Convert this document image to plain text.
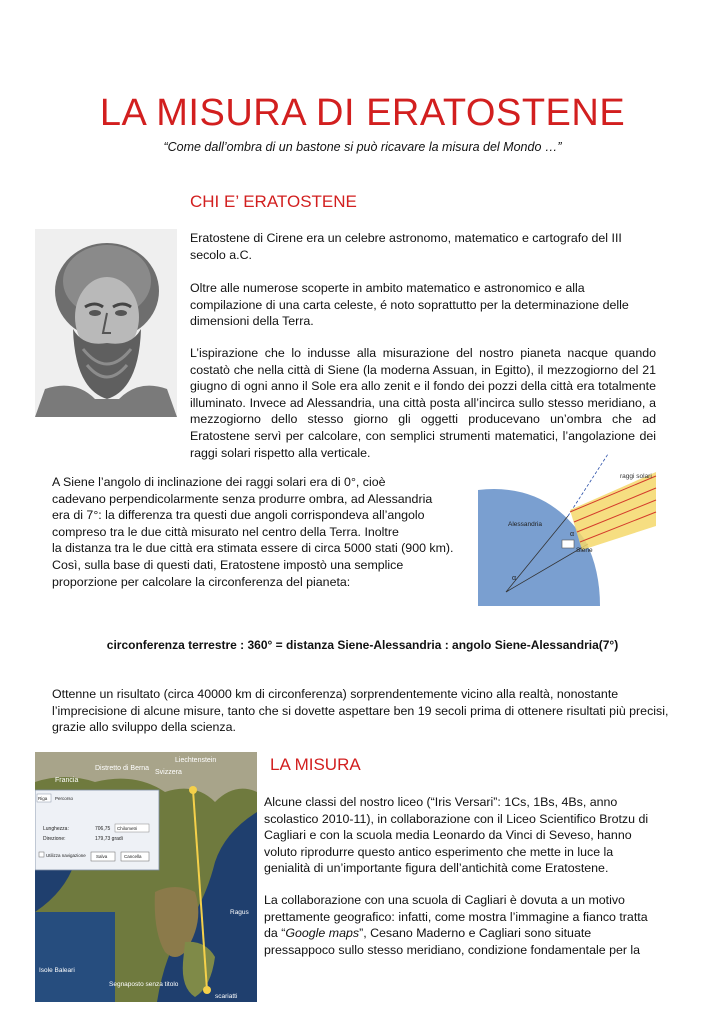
LA MISURA DI ERATOSTENE
“Come dall’ombra di un bastone si può ricavare la misura del Mondo …”
CHI E’ ERATOSTENE
Eratostene di Cirene era un celebre astronomo, matematico e cartografo del III secolo a.C.
Oltre alle numerose scoperte in ambito matematico e astronomico e alla compilazione di una carta celeste, é noto soprattutto per la determinazione delle dimensioni della Terra.
L’ispirazione che lo indusse alla misurazione del nostro pianeta nacque quando costatò che nella città di Siene (la moderna Assuan, in Egitto), il mezzogiorno del 21 giugno di ogni anno il Sole era allo zenit e il fondo dei pozzi della città era totalmente illuminato. Invece ad Alessandria, una città posta all’incirca sullo stesso meridiano, a mezzogiorno dello stesso giorno gli oggetti producevano un’ombra che ad Eratostene servì per calcolare, con semplici strumenti matematici, l’angolazione dei raggi solari rispetto alla verticale.
A Siene l’angolo di inclinazione dei raggi solari era di 0°, cioè
cadevano perpendicolarmente senza produrre ombra, ad Alessandria
era di 7°: la differenza tra questi due angoli corrispondeva all’angolo
compreso tra le due città misurato nel centro della Terra. Inoltre
la distanza tra le due città era stimata essere di circa 5000 stati (900 km).
Così, sulla base di questi dati, Eratostene impostò una semplice
proporzione per calcolare la circonferenza del pianeta:
raggi solari
Alessandria
Siene
α
α
circonferenza terrestre : 360° = distanza Siene-Alessandria : angolo Siene-Alessandria(7°)
Ottenne un risultato (circa 40000 km di circonferenza) sorprendentemente vicino alla realtà, nonostante l’imprecisione di alcune misure, tanto che si dovette aspettare ben 19 secoli prima di ottenere risultati più precisi, grazie allo sviluppo della scienza.
Liechtenstein
Distretto di Berna
Francia
Svizzera
Ragus
Isole Baleari
Segnaposto senza titolo
scariatti
Riga Percorso
Lunghezza:	706,75 Chilometri
Direzione:	179,73 gradi
Utilizza navigazione Salva	Cancella
LA MISURA
Alcune classi del nostro liceo (“Iris Versari”: 1Cs, 1Bs, 4Bs, anno scolastico 2010-11), in collaborazione con il Liceo Scientifico Brotzu di Cagliari e con la scuola media Leonardo da Vinci di Seveso, hanno voluto riprodurre questo antico esperimento che mette in luce la genialità di un’importante figura dell’antichità come Eratostene.
La collaborazione con una scuola di Cagliari è dovuta a un motivo prettamente geografico: infatti, come mostra l’immagine a fianco tratta da “Google maps”, Cesano Maderno e Cagliari sono situate pressappoco sullo stesso meridiano, condizione fondamentale per la
